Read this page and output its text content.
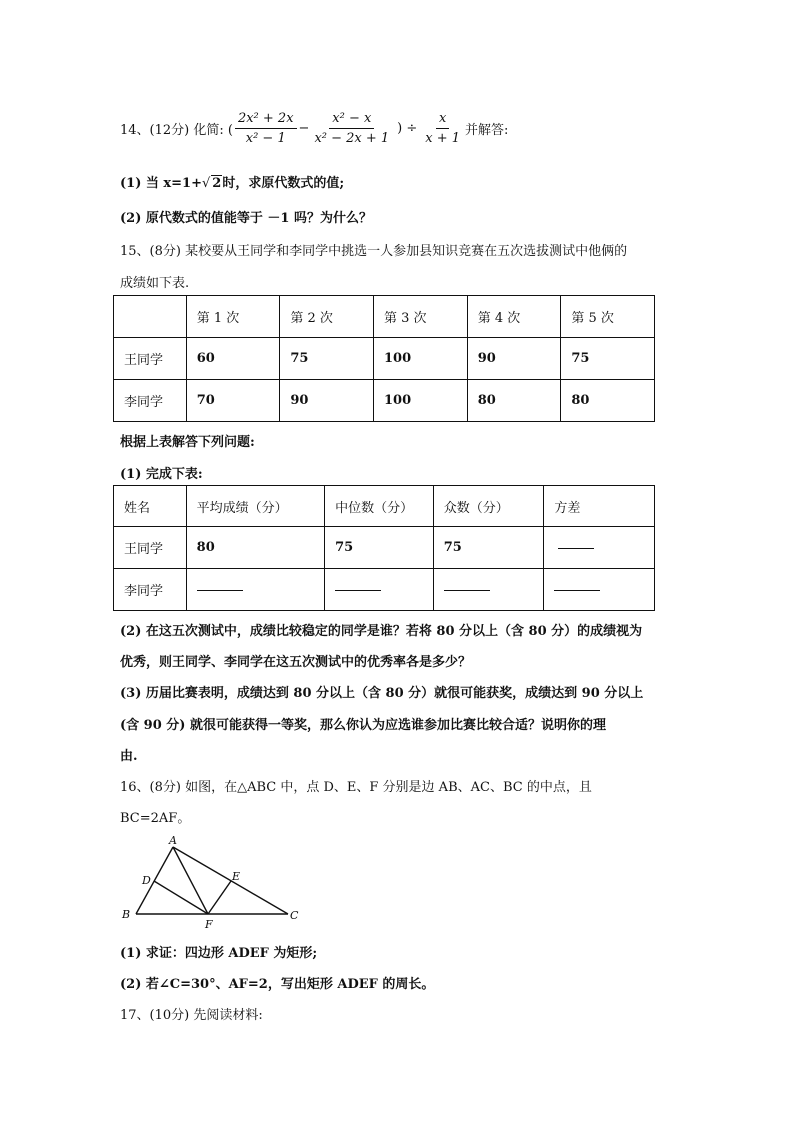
14、(12分) 化简: ( $\frac{\text{2x² + 2x}}{\text{x² − 1}} - \frac{\text{x² − x}}{\text{x² − 2x + 1}}$ ) ÷ $\frac{x}{x + 1}$ 并解答:
(1) 当 x=1+√ 2时，求原代数式的值;
(2) 原代数式的值能等于 －1 吗？为什么？
15、(8分) 某校要从王同学和李同学中挑选一人参加县知识竞赛在五次选拔测试中他俩的
成绩如下表.
	第 1 次	第 2 次	第 3 次	第 4 次	第 5 次
王同学	60	75	100	90	75
李同学	70	90	100	80	80
根据上表解答下列问题:
(1) 完成下表:
姓名	平均成绩（分）	中位数（分）	众数（分）	方差
王同学	80	75	75	
李同学				
(2) 在这五次测试中，成绩比较稳定的同学是谁？若将 80 分以上（含 80 分）的成绩视为
优秀，则王同学、李同学在这五次测试中的优秀率各是多少？
(3) 历届比赛表明，成绩达到 80 分以上（含 80 分）就很可能获奖，成绩达到 90 分以上
(含 90 分) 就很可能获得一等奖，那么你认为应选谁参加比赛比较合适？说明你的理
由.
16、(8分) 如图，在△ABC 中，点 D、E、F 分别是边 AB、AC、BC 的中点，且
BC=2AF。
A
B	C
D	E
F
(1) 求证：四边形 ADEF 为矩形;
(2) 若∠C=30°、AF=2，写出矩形 ADEF 的周长。
17、(10分) 先阅读材料:
